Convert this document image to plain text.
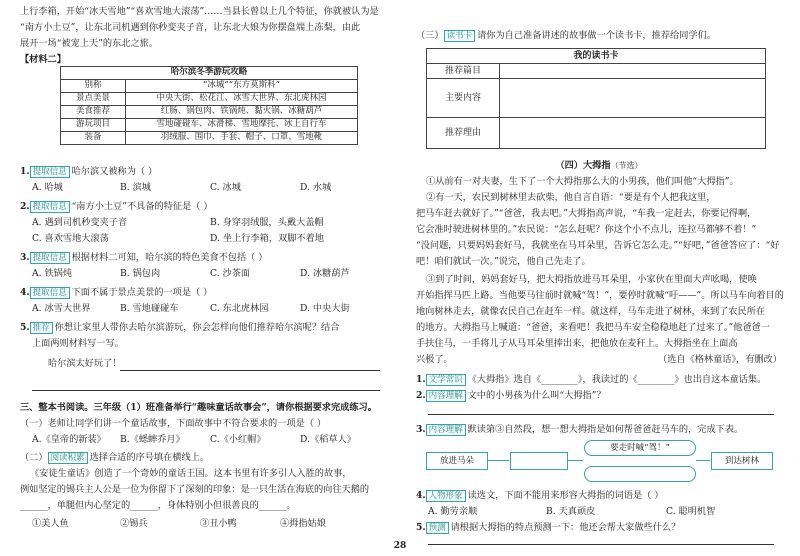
上行李箱，开始“冰天雪地”“喜欢雪地大滚荡”……当县长曾以上几个特征，你就被认为是
“南方小土豆”，让东北司机遇到你秒变夹子音，让东北大娘为你摆盘端上冻梨，由此
展开一场“被宠上天”的东北之旅。
【材料二】
哈尔滨冬季游玩攻略	
别称	“冰城”“东方莫斯科”
景点美景	中央大街、松花江、冰雪大世界、东北虎林园
美食推荐	红肠、锅包肉、铁锅炖、黏火锅、冰糖葫芦
游玩项目	雪地碰碰车、冰滑梯、雪地摩托、冰上自行车
装备	羽绒服、围巾、手套、帽子、口罩、雪地靴
1. 提取信息 哈尔滨又被称为（ ）
A. 哈城	B. 滨城	C. 冰城	D. 水城
2. 提取信息 “南方小土豆”不具备的特征是（ ）
A. 遇到司机秒变夹子音	B. 身穿羽绒服，头戴大盖帽
C. 喜欢雪地大滚荡	D. 坐上行李箱，双脚不着地
3. 提取信息 根据材料二可知，哈尔滨的特色美食不包括（ ）
A. 铁锅炖	B. 锅包肉	C. 沙茶面	D. 冰糖葫芦
4. 提取信息 下面不属于景点美景的一项是（ ）
A. 冰雪大世界	B. 雪地碰碰车	C. 东北虎林园	D. 中央大街
5. 推荐 你想让家里人带你去哈尔滨游玩，你会怎样向他们推荐哈尔滨呢？结合
上面两则材料写一写。
哈尔滨太好玩了！
三、整本书阅读。三年级（1）班准备举行“趣味童话故事会”，请你根据要求完成练习。
（一）老师让同学们讲一个童话故事，下面故事中不符合要求的一项是（ ）
A.《皇帝的新装》 B.《蟋蟀乔月》	C.《小红帽》	D.《稻草人》
（二） 阅读积累 选择合适的序号填在横线上。
《安徒生童话》创造了一个奇妙的童话王国。这本书里有许多引人入胜的故事，
例如坚定的锡兵主人公是一位为你留下了深刻的印象：是一只生活在海底的向往天鹅的
______，单腿但内心坚定的______，身体特别小但很善良的______。
①美人鱼	②锡兵	③丑小鸭	④拇指姑娘
（三） 读书卡 请你为自己准备讲述的故事做一个读书卡，推荐给同学们。
我的读书卡	
推荐篇目	
主要内容	
推荐理由	
（四）大拇指（节选）
①从前有一对夫妻，生下了一个大拇指那么大的小男孩，他们叫他“大拇指”。
②有一天，农民到树林里去砍柴，他自言自语：“要是有个人把我这里，
把马车赶去就好了。”“爸爸，我去吧。”大拇指高声说，“车我一定赶去，你要记得啊，
它会准时驶进树林里的。”农民说：“怎么赶呢？你这个小不点儿，连拉马都够不着！”
“没问题，只要妈妈套好马，我就坐在马耳朵里，告诉它怎么走。”“好吧，”爸爸答应了：“好
吧！咱们就试一次。”说完，他自己先走了。
③到了时间，妈妈套好马，把大拇指放进马耳朵里，小家伙在里面大声吆喝，使唤
开始指挥马匹上路。当他要马往前时就喊“驾！”，要停时就喊“吁——”。所以马车向着目的
地向树林走去，就像农民自己在赶车一样。就这样，马车走进了树林，来到了农民所在
的地方。大拇指马上喊道：“爸爸，来看吧！我把马车安全稳稳地赶了过来了。”他爸爸一
手扶住马，一手将儿子从马耳朵里捧出来，把他放在麦秆上。大拇指坐在上面高
兴极了。	（选自《格林童话》，有删改）
1. 文学常识 《大拇指》选自《________》，我读过的《________》也出自这本童话集。
2. 内容理解 文中的小男孩为什么叫“大拇指”？
3. 内容理解 默读第③自然段，想一想大拇指是如何帮爸爸赶马车的，完成下表。
放进马朵
要走时喊“驾！”
到达树林
4. 人物形象 读选文，下面不能用来形容大拇指的词语是（ ）
A. 勤劳亲顺	B. 天真顽皮	C. 聪明机智
5. 预测 请根据大拇指的特点预测一下：他还会帮大家做些什么？
28
